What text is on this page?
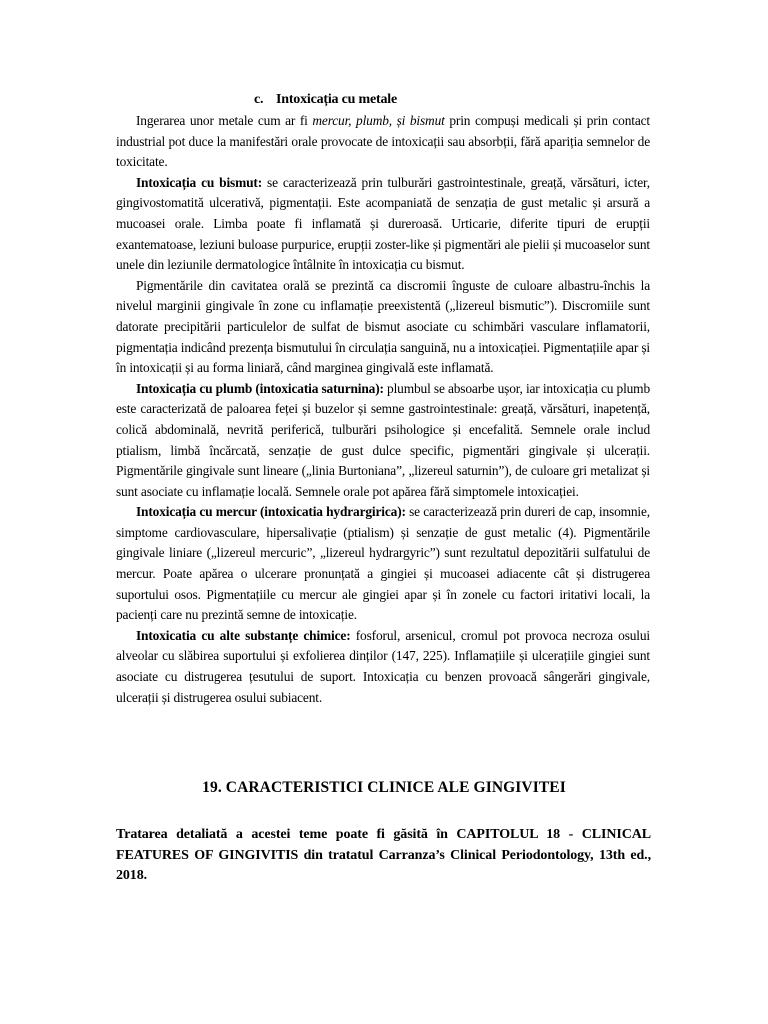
c. Intoxicația cu metale

Ingerarea unor metale cum ar fi mercur, plumb, și bismut prin compuși medicali și prin contact industrial pot duce la manifestări orale provocate de intoxicații sau absorbții, fără apariția semnelor de toxicitate.

Intoxicația cu bismut: se caracterizează prin tulburări gastrointestinale, greață, vărsături, icter, gingivostomatită ulcerativă, pigmentații. Este acompaniată de senzația de gust metalic și arsură a mucoasei orale. Limba poate fi inflamată și dureroasă. Urticarie, diferite tipuri de erupții exantematoase, leziuni buloase purpurice, erupții zoster-like și pigmentări ale pielii și mucoaselor sunt unele din leziunile dermatologice întâlnite în intoxicația cu bismut.

Pigmentările din cavitatea orală se prezintă ca discromii înguste de culoare albastru-închis la nivelul marginii gingivale în zone cu inflamație preexistentă („lizereul bismutic”). Discromiile sunt datorate precipitării particulelor de sulfat de bismut asociate cu schimbări vasculare inflamatorii, pigmentația indicând prezența bismutului în circulația sanguină, nu a intoxicației. Pigmentațiile apar și în intoxicații și au forma liniară, când marginea gingivală este inflamată.

Intoxicația cu plumb (intoxicatia saturnina): plumbul se absoarbe ușor, iar intoxicația cu plumb este caracterizată de paloarea feței și buzelor și semne gastrointestinale: greață, vărsături, inapetență, colică abdominală, nevrită periferică, tulburări psihologice și encefalită. Semnele orale includ ptialism, limbă încărcată, senzație de gust dulce specific, pigmentări gingivale și ulcerații. Pigmentările gingivale sunt lineare („linia Burtoniana”, „lizereul saturnin”), de culoare gri metalizat și sunt asociate cu inflamație locală. Semnele orale pot apărea fără simptomele intoxicației.

Intoxicația cu mercur (intoxicatia hydrargirica): se caracterizează prin dureri de cap, insomnie, simptome cardiovasculare, hipersalivație (ptialism) și senzație de gust metalic (4). Pigmentările gingivale liniare („lizereul mercuric”, „lizereul hydrargyric”) sunt rezultatul depozitării sulfatului de mercur. Poate apărea o ulcerare pronunțată a gingiei și mucoasei adiacente cât și distrugerea suportului osos. Pigmentațiile cu mercur ale gingiei apar și în zonele cu factori iritativi locali, la pacienți care nu prezintă semne de intoxicație.

Intoxicatia cu alte substanțe chimice: fosforul, arsenicul, cromul pot provoca necroza osului alveolar cu slăbirea suportului și exfolierea dinților (147, 225). Inflamațiile și ulcerațiile gingiei sunt asociate cu distrugerea țesutului de suport. Intoxicația cu benzen provoacă sângerări gingivale, ulcerații și distrugerea osului subiacent.

19. CARACTERISTICI CLINICE ALE GINGIVITEI
Tratarea detaliată a acestei teme poate fi găsită în CAPITOLUL 18 - CLINICAL FEATURES OF GINGIVITIS din tratatul Carranza’s Clinical Periodontology, 13th ed., 2018.
